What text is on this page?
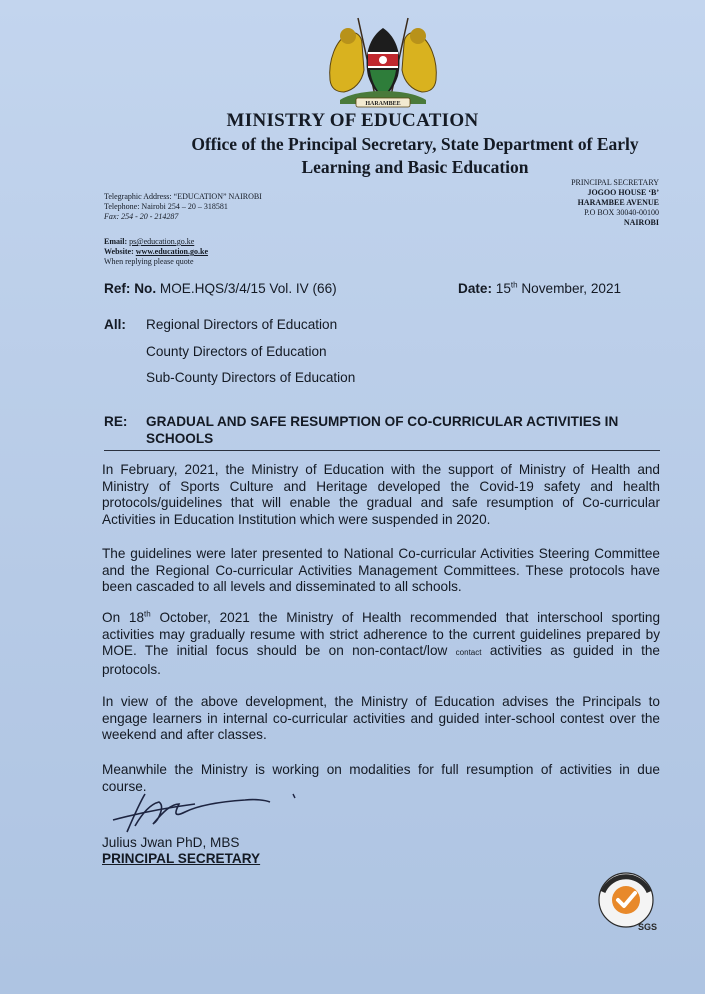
HARAMBEE
MINISTRY OF EDUCATION
Office of the Principal Secretary, State Department of Early
Learning and Basic Education
Telegraphic Address: “EDUCATION” NAIROBI
Telephone: Nairobi 254 – 20 – 318581
Fax: 254 - 20 - 214287
PRINCIPAL SECRETARY
JOGOO HOUSE ‘B’
HARAMBEE AVENUE
P.O BOX 30040-00100
NAIROBI
Email: ps@education.go.ke
Website: www.education.go.ke
When replying please quote
Ref: No. MOE.HQS/3/4/15 Vol. IV (66)	Date: 15th November, 2021
All: Regional Directors of Education
County Directors of Education
Sub-County Directors of Education
RE: GRADUAL AND SAFE RESUMPTION OF CO-CURRICULAR ACTIVITIES IN SCHOOLS
In February, 2021, the Ministry of Education with the support of Ministry of Health and Ministry of Sports Culture and Heritage developed the Covid-19 safety and health protocols/guidelines that will enable the gradual and safe resumption of Co-curricular Activities in Education Institution which were suspended in 2020.
The guidelines were later presented to National Co-curricular Activities Steering Committee and the Regional Co-curricular Activities Management Committees. These protocols have been cascaded to all levels and disseminated to all schools.
On 18th October, 2021 the Ministry of Health recommended that interschool sporting activities may gradually resume with strict adherence to the current guidelines prepared by MOE. The initial focus should be on non-contact/low contact activities as guided in the protocols.
In view of the above development, the Ministry of Education advises the Principals to engage learners in internal co-curricular activities and guided inter-school contest over the weekend and after classes.
Meanwhile the Ministry is working on modalities for full resumption of activities in due course.
Julius Jwan PhD, MBS
PRINCIPAL SECRETARY
SGS
